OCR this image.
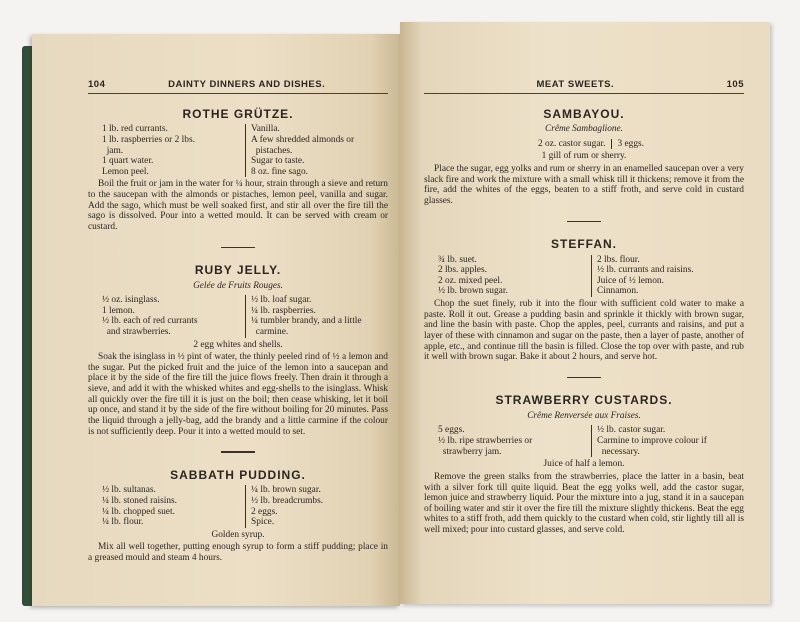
104	DAINTY DINNERS AND DISHES.
ROTHE GRÜTZE.
1 lb. red currants.
1 lb. raspberries or 2 lbs.
jam.
1 quart water.
Lemon peel.
Vanilla.
A few shredded almonds or
pistaches.
Sugar to taste.
8 oz. fine sago.

Boil the fruit or jam in the water for ¼ hour, strain through a sieve and return to the saucepan with the almonds or pistaches, lemon peel, vanilla and sugar. Add the sago, which must be well soaked first, and stir all over the fire till the sago is dissolved. Pour into a wetted mould. It can be served with cream or custard.

RUBY JELLY.
Gelée de Fruits Rouges.
½ oz. isinglass.
1 lemon.
½ lb. each of red currants
and strawberries.
½ lb. loaf sugar.
¼ lb. raspberries.
¼ tumbler brandy, and a little
carmine.
2 egg whites and shells.

Soak the isinglass in ½ pint of water, the thinly peeled rind of ½ a lemon and the sugar. Put the picked fruit and the juice of the lemon into a saucepan and place it by the side of the fire till the juice flows freely. Then drain it through a sieve, and add it with the whisked whites and egg-shells to the isinglass. Whisk all quickly over the fire till it is just on the boil; then cease whisking, let it boil up once, and stand it by the side of the fire without boiling for 20 minutes. Pass the liquid through a jelly-bag, add the brandy and a little carmine if the colour is not sufficiently deep. Pour it into a wetted mould to set.

SABBATH PUDDING.
½ lb. sultanas.
¼ lb. stoned raisins.
¼ lb. chopped suet.
¼ lb. flour.
¼ lb. brown sugar.
½ lb. breadcrumbs.
2 eggs.
Spice.
Golden syrup.

Mix all well together, putting enough syrup to form a stiff pudding; place in a greased mould and steam 4 hours.

MEAT SWEETS.	105
SAMBAYOU.
Crême Sambaglione.
2 oz. castor sugar. 3 eggs.
1 gill of rum or sherry.

Place the sugar, egg yolks and rum or sherry in an enamelled saucepan over a very slack fire and work the mixture with a small whisk till it thickens; remove it from the fire, add the whites of the eggs, beaten to a stiff froth, and serve cold in custard glasses.

STEFFAN.
¾ lb. suet.
2 lbs. apples.
2 oz. mixed peel.
½ lb. brown sugar.
2 lbs. flour.
½ lb. currants and raisins.
Juice of ½ lemon.
Cinnamon.

Chop the suet finely, rub it into the flour with sufficient cold water to make a paste. Roll it out. Grease a pudding basin and sprinkle it thickly with brown sugar, and line the basin with paste. Chop the apples, peel, currants and raisins, and put a layer of these with cinnamon and sugar on the paste, then a layer of paste, another of apple, etc., and continue till the basin is filled. Close the top over with paste, and rub it well with brown sugar. Bake it about 2 hours, and serve hot.

STRAWBERRY CUSTARDS.
Crême Renversée aux Fraises.
5 eggs.
½ lb. ripe strawberries or
strawberry jam.
½ lb. castor sugar.
Carmine to improve colour if
necessary.
Juice of half a lemon.

Remove the green stalks from the strawberries, place the latter in a basin, beat with a silver fork till quite liquid. Beat the egg yolks well, add the castor sugar, lemon juice and strawberry liquid. Pour the mixture into a jug, stand it in a saucepan of boiling water and stir it over the fire till the mixture slightly thickens. Beat the egg whites to a stiff froth, add them quickly to the custard when cold, stir lightly till all is well mixed; pour into custard glasses, and serve cold.
